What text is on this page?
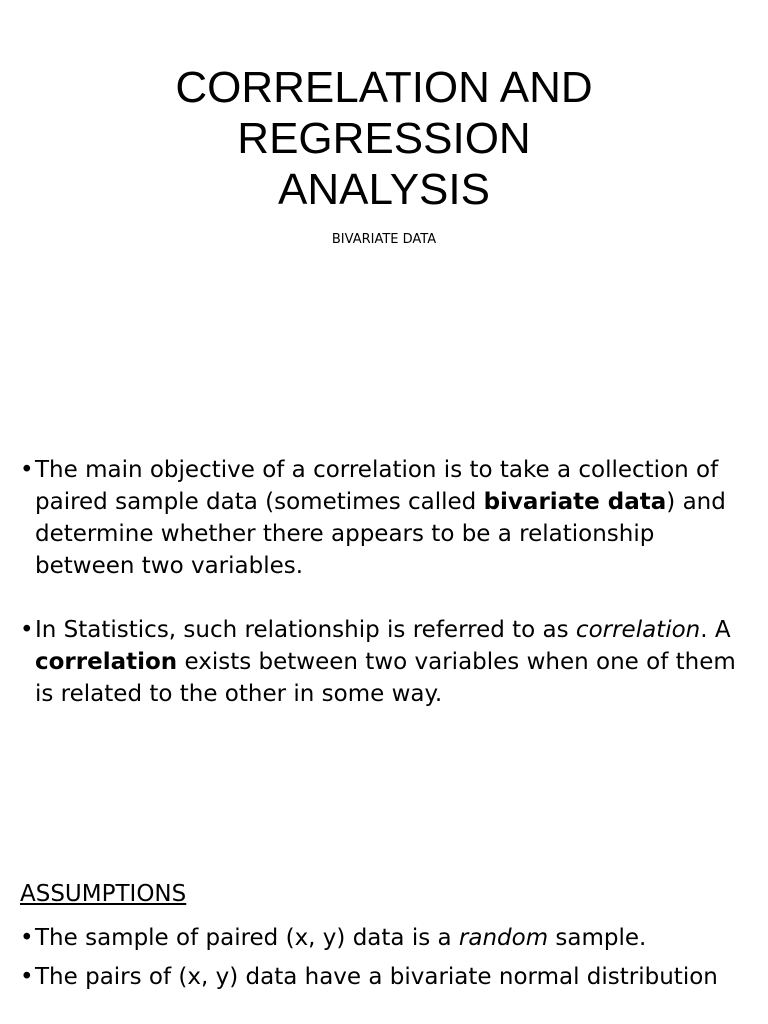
CORRELATION AND
REGRESSION
ANALYSIS

BIVARIATE DATA

• The main objective of a correlation is to take a collection of paired sample data (sometimes called bivariate data) and determine whether there appears to be a relationship between two variables.
• In Statistics, such relationship is referred to as correlation. A correlation exists between two variables when one of them is related to the other in some way.
ASSUMPTIONS
• The sample of paired (x, y) data is a random sample.
• The pairs of (x, y) data have a bivariate normal distribution
